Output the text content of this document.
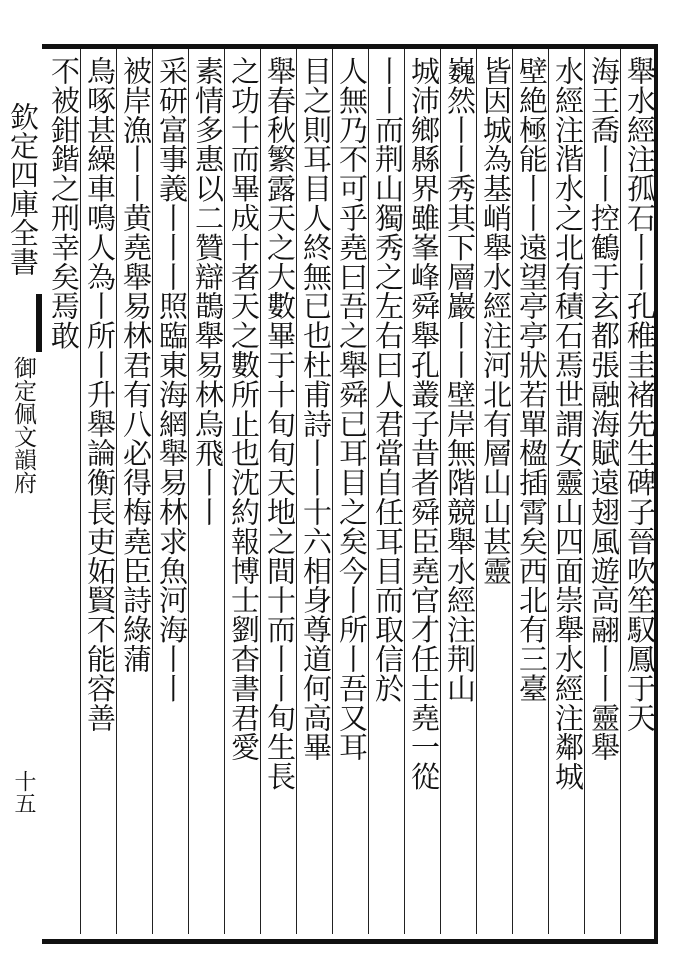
欽定四庫全書
御定佩文韻府
十五
舉水經注孤石丨丨孔稚圭褚先生碑子晉吹笙馭鳳于天
海王喬丨丨控鶴于玄都張融海賦遠翅風遊高翮丨丨靈舉
水經注湝水之北有積石焉世謂女靈山四面崇舉水經注鄰城
壁絶極能丨丨遠望亭亭狀若單楹插霄矣西北有三臺
皆因城為基峭舉水經注河北有層山山甚靈
巍然丨丨秀其下層巖丨丨壁岸無階競舉水經注荆山
城沛鄉縣界雖峯峰舜舉孔叢子昔者舜臣堯官才任士堯一從
丨丨而荆山獨秀之左右曰人君當自任耳目而取信於
人無乃不可乎堯曰吾之舉舜已耳目之矣今丨所丨吾又耳
目之則耳目人終無已也杜甫詩丨丨十六相身尊道何高畢
舉春秋繁露天之大數畢于十旬旬天地之間十而丨丨旬生長
之功十而畢成十者天之數所止也沈約報博士劉杳書君愛
素情多惠以二贊辯鵲舉易林烏飛丨丨
采研富事義丨丨丨照臨東海網舉易林求魚河海丨丨
被岸漁丨丨黄堯舉易林君有八必得梅堯臣詩綠蒲
鳥啄甚繰車鳴人為丨所丨升舉論衡長吏妬賢不能容善
不被鉗鍇之刑幸矣焉敢
